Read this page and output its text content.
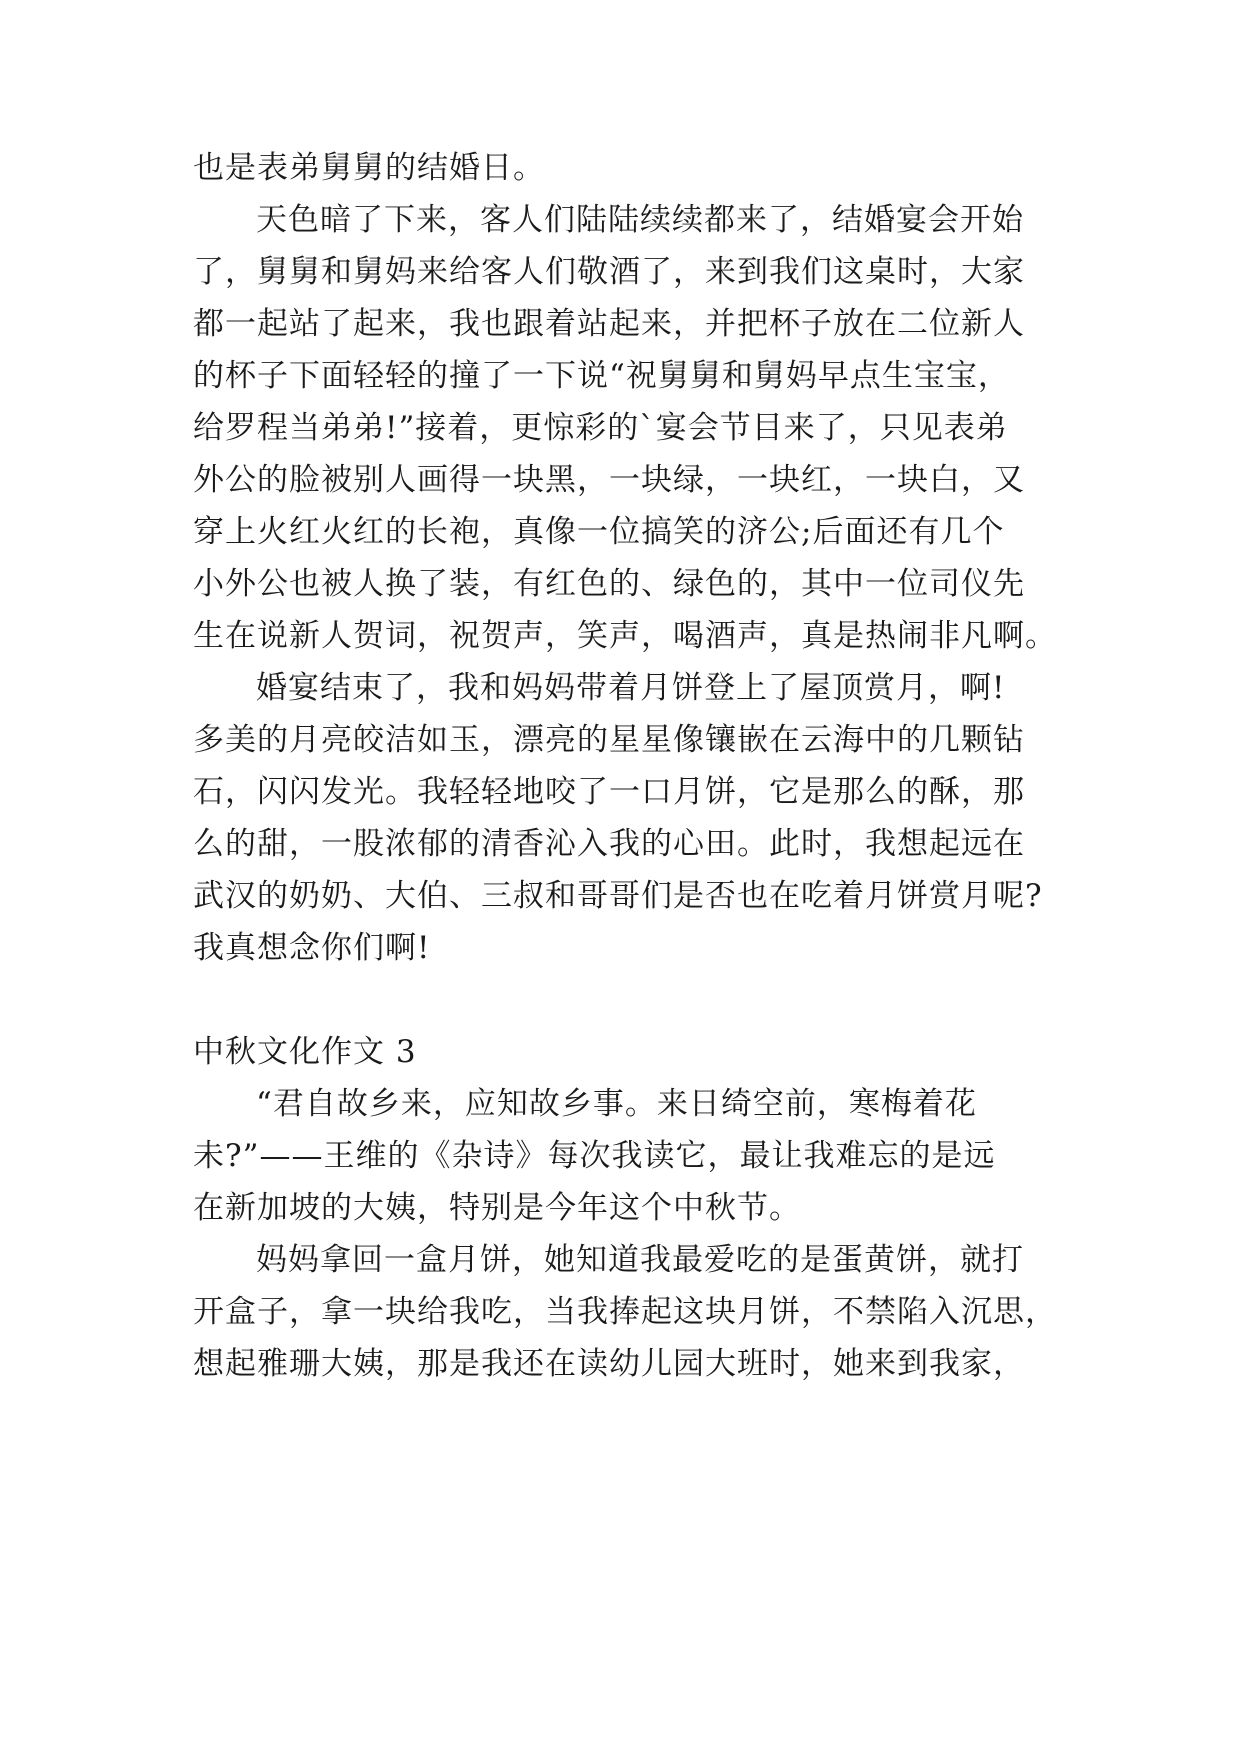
也是表弟舅舅的结婚日。
天色暗了下来，客人们陆陆续续都来了，结婚宴会开始
了，舅舅和舅妈来给客人们敬酒了，来到我们这桌时，大家
都一起站了起来，我也跟着站起来，并把杯子放在二位新人
的杯子下面轻轻的撞了一下说“祝舅舅和舅妈早点生宝宝，
给罗程当弟弟!”接着，更惊彩的`宴会节目来了，只见表弟
外公的脸被别人画得一块黑，一块绿，一块红，一块白，又
穿上火红火红的长袍，真像一位搞笑的济公;后面还有几个
小外公也被人换了装，有红色的、绿色的，其中一位司仪先
生在说新人贺词，祝贺声，笑声，喝酒声，真是热闹非凡啊。
婚宴结束了，我和妈妈带着月饼登上了屋顶赏月，啊!
多美的月亮皎洁如玉，漂亮的星星像镶嵌在云海中的几颗钻
石，闪闪发光。我轻轻地咬了一口月饼，它是那么的酥，那
么的甜，一股浓郁的清香沁入我的心田。此时，我想起远在
武汉的奶奶、大伯、三叔和哥哥们是否也在吃着月饼赏月呢?
我真想念你们啊!
中秋文化作文 3
“君自故乡来，应知故乡事。来日绮空前，寒梅着花
未?”——王维的《杂诗》每次我读它，最让我难忘的是远
在新加坡的大姨，特别是今年这个中秋节。
妈妈拿回一盒月饼，她知道我最爱吃的是蛋黄饼，就打
开盒子，拿一块给我吃，当我捧起这块月饼，不禁陷入沉思，
想起雅珊大姨，那是我还在读幼儿园大班时，她来到我家，
